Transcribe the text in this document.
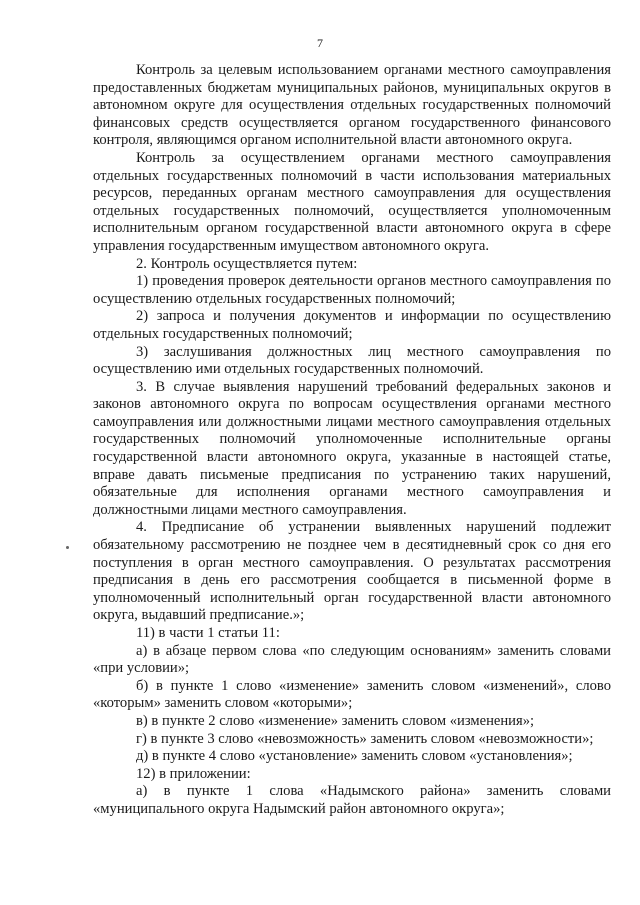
7

Контроль за целевым использованием органами местного самоуправления предоставленных бюджетам муниципальных районов, муниципальных округов в автономном округе для осуществления отдельных государственных полномочий финансовых средств осуществляется органом государственного финансового контроля, являющимся органом исполнительной власти автономного округа.

Контроль за осуществлением органами местного самоуправления отдельных государственных полномочий в части использования материальных ресурсов, переданных органам местного самоуправления для осуществления отдельных государственных полномочий, осуществляется уполномоченным исполнительным органом государственной власти автономного округа в сфере управления государственным имуществом автономного округа.

2. Контроль осуществляется путем:

1) проведения проверок деятельности органов местного самоуправления по осуществлению отдельных государственных полномочий;

2) запроса и получения документов и информации по осуществлению отдельных государственных полномочий;

3) заслушивания должностных лиц местного самоуправления по осуществлению ими отдельных государственных полномочий.

3. В случае выявления нарушений требований федеральных законов и законов автономного округа по вопросам осуществления органами местного самоуправления или должностными лицами местного самоуправления отдельных государственных полномочий уполномоченные исполнительные органы государственной власти автономного округа, указанные в настоящей статье, вправе давать письменые предписания по устранению таких нарушений, обязательные для исполнения органами местного самоуправления и должностными лицами местного самоуправления.

4. Предписание об устранении выявленных нарушений подлежит обязательному рассмотрению не позднее чем в десятидневный срок со дня его поступления в орган местного самоуправления. О результатах рассмотрения предписания в день его рассмотрения сообщается в письменной форме в уполномоченный исполнительный орган государственной власти автономного округа, выдавший предписание.»;

11) в части 1 статьи 11:

а) в абзаце первом слова «по следующим основаниям» заменить словами «при условии»;

б) в пункте 1 слово «изменение» заменить словом «изменений», слово «которым» заменить словом «которыми»;

в) в пункте 2 слово «изменение» заменить словом «изменения»;

г) в пункте 3 слово «невозможность» заменить словом «невозможности»;

д) в пункте 4 слово «установление» заменить словом «установления»;

12) в приложении:

а) в пункте 1 слова «Надымского района» заменить словами «муниципального округа Надымский район автономного округа»;
